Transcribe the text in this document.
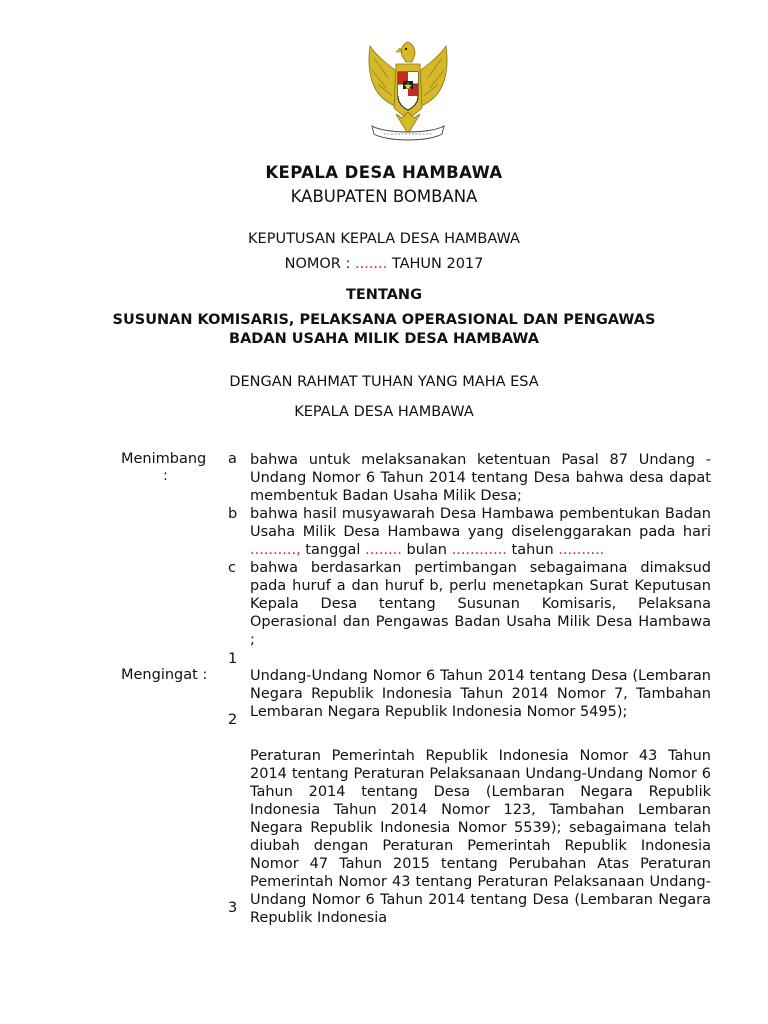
KEPALA DESA HAMBAWA
KABUPATEN BOMBANA
KEPUTUSAN KEPALA DESA HAMBAWA
NOMOR : ....... TAHUN 2017
TENTANG
SUSUNAN KOMISARIS, PELAKSANA OPERASIONAL DAN PENGAWAS
BADAN USAHA MILIK DESA HAMBAWA
DENGAN RAHMAT TUHAN YANG MAHA ESA
KEPALA DESA HAMBAWA
Menimbang
:
a bahwa untuk melaksanakan ketentuan Pasal 87 Undang - Undang Nomor 6 Tahun 2014 tentang Desa bahwa desa dapat membentuk Badan Usaha Milik Desa;
b bahwa hasil musyawarah Desa Hambawa pembentukan Badan Usaha Milik Desa Hambawa yang diselenggarakan pada hari .........., tanggal ........ bulan ............ tahun ..........
c bahwa berdasarkan pertimbangan sebagaimana dimaksud pada huruf a dan huruf b, perlu menetapkan Surat Keputusan Kepala Desa tentang Susunan Komisaris, Pelaksana Operasional dan Pengawas Badan Usaha Milik Desa Hambawa ;
Mengingat :
1
Undang-Undang Nomor 6 Tahun 2014 tentang Desa (Lembaran Negara Republik Indonesia Tahun 2014 Nomor 7, Tambahan Lembaran Negara Republik Indonesia Nomor 5495);
2
Peraturan Pemerintah Republik Indonesia Nomor 43 Tahun 2014 tentang Peraturan Pelaksanaan Undang-Undang Nomor 6 Tahun 2014 tentang Desa (Lembaran Negara Republik Indonesia Tahun 2014 Nomor 123, Tambahan Lembaran Negara Republik Indonesia Nomor 5539); sebagaimana telah diubah dengan Peraturan Pemerintah Republik Indonesia Nomor 47 Tahun 2015 tentang Perubahan Atas Peraturan Pemerintah Nomor 43 tentang Peraturan Pelaksanaan Undang-Undang Nomor 6 Tahun 2014 tentang Desa (Lembaran Negara Republik Indonesia
3
